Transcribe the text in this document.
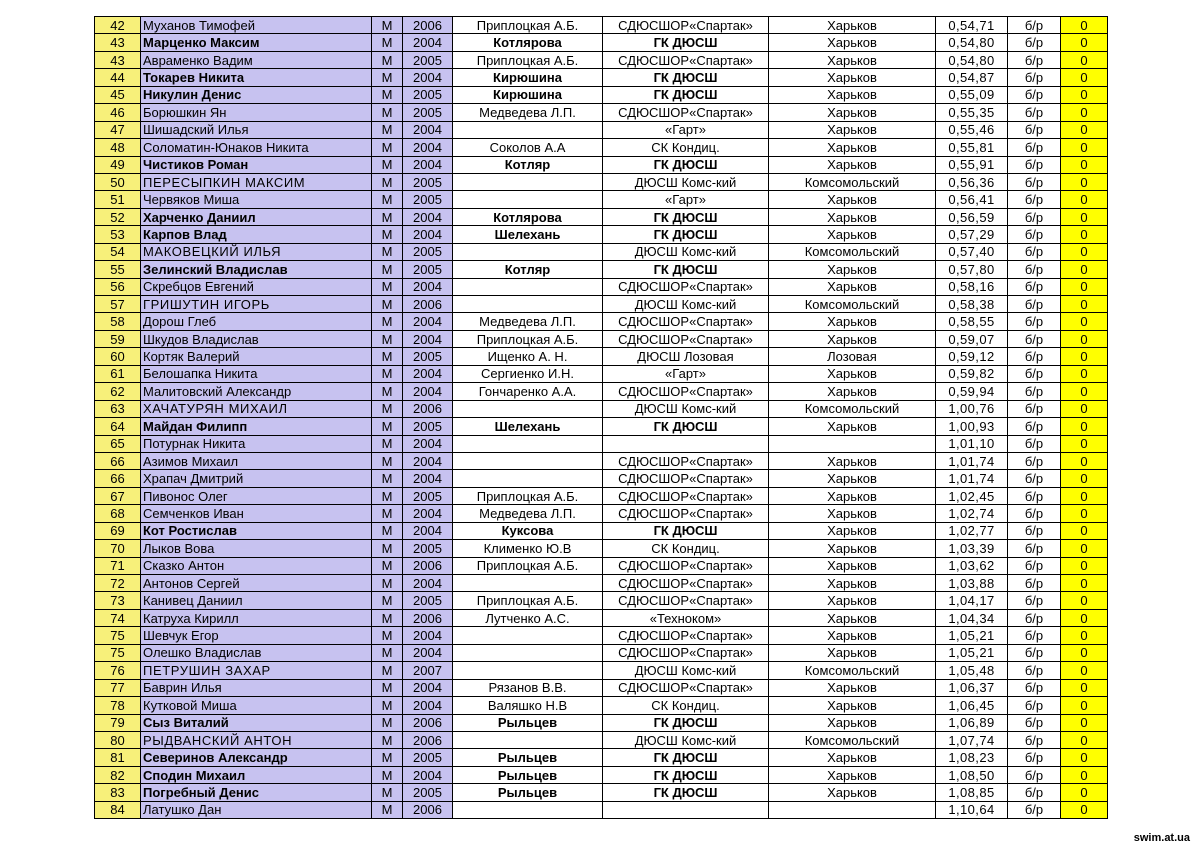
42	Муханов Тимофей	М	2006	Приплоцкая А.Б.	СДЮСШОР«Спартак»	Харьков	0,54,71	б/р	0
43	Марценко Максим	М	2004	Котлярова	ГК ДЮСШ	Харьков	0,54,80	б/р	0
43	Авраменко Вадим	М	2005	Приплоцкая А.Б.	СДЮСШОР«Спартак»	Харьков	0,54,80	б/р	0
44	Токарев Никита	М	2004	Кирюшина	ГК ДЮСШ	Харьков	0,54,87	б/р	0
45	Никулин Денис	М	2005	Кирюшина	ГК ДЮСШ	Харьков	0,55,09	б/р	0
46	Борюшкин Ян	М	2005	Медведева Л.П.	СДЮСШОР«Спартак»	Харьков	0,55,35	б/р	0
47	Шишадский Илья	М	2004		«Гарт»	Харьков	0,55,46	б/р	0
48	Соломатин-Юнаков Никита	М	2004	Соколов А.А	СК Кондиц.	Харьков	0,55,81	б/р	0
49	Чистиков Роман	М	2004	Котляр	ГК ДЮСШ	Харьков	0,55,91	б/р	0
50	ПЕРЕСЫПКИН МАКСИМ	М	2005		ДЮСШ Комс-кий	Комсомольский	0,56,36	б/р	0
51	Червяков Миша	М	2005		«Гарт»	Харьков	0,56,41	б/р	0
52	Харченко Даниил	М	2004	Котлярова	ГК ДЮСШ	Харьков	0,56,59	б/р	0
53	Карпов Влад	М	2004	Шелехань	ГК ДЮСШ	Харьков	0,57,29	б/р	0
54	МАКОВЕЦКИЙ ИЛЬЯ	М	2005		ДЮСШ Комс-кий	Комсомольский	0,57,40	б/р	0
55	Зелинский Владислав	М	2005	Котляр	ГК ДЮСШ	Харьков	0,57,80	б/р	0
56	Скребцов Евгений	М	2004		СДЮСШОР«Спартак»	Харьков	0,58,16	б/р	0
57	ГРИШУТИН ИГОРЬ	М	2006		ДЮСШ Комс-кий	Комсомольский	0,58,38	б/р	0
58	Дорош Глеб	М	2004	Медведева Л.П.	СДЮСШОР«Спартак»	Харьков	0,58,55	б/р	0
59	Шкудов Владислав	М	2004	Приплоцкая А.Б.	СДЮСШОР«Спартак»	Харьков	0,59,07	б/р	0
60	Кортяк Валерий	М	2005	Ищенко А. Н.	ДЮСШ Лозовая	Лозовая	0,59,12	б/р	0
61	Белошапка Никита	М	2004	Сергиенко И.Н.	«Гарт»	Харьков	0,59,82	б/р	0
62	Малитовский Александр	М	2004	Гончаренко А.А.	СДЮСШОР«Спартак»	Харьков	0,59,94	б/р	0
63	ХАЧАТУРЯН МИХАИЛ	М	2006		ДЮСШ Комс-кий	Комсомольский	1,00,76	б/р	0
64	Майдан Филипп	М	2005	Шелехань	ГК ДЮСШ	Харьков	1,00,93	б/р	0
65	Потурнак Никита	М	2004				1,01,10	б/р	0
66	Азимов Михаил	М	2004		СДЮСШОР«Спартак»	Харьков	1,01,74	б/р	0
66	Храпач Дмитрий	М	2004		СДЮСШОР«Спартак»	Харьков	1,01,74	б/р	0
67	Пивонос Олег	М	2005	Приплоцкая А.Б.	СДЮСШОР«Спартак»	Харьков	1,02,45	б/р	0
68	Семченков Иван	М	2004	Медведева Л.П.	СДЮСШОР«Спартак»	Харьков	1,02,74	б/р	0
69	Кот Ростислав	М	2004	Куксова	ГК ДЮСШ	Харьков	1,02,77	б/р	0
70	Лыков Вова	М	2005	Клименко Ю.В	СК Кондиц.	Харьков	1,03,39	б/р	0
71	Сказко Антон	М	2006	Приплоцкая А.Б.	СДЮСШОР«Спартак»	Харьков	1,03,62	б/р	0
72	Антонов Сергей	М	2004		СДЮСШОР«Спартак»	Харьков	1,03,88	б/р	0
73	Канивец Даниил	М	2005	Приплоцкая А.Б.	СДЮСШОР«Спартак»	Харьков	1,04,17	б/р	0
74	Катруха Кирилл	М	2006	Лутченко А.С.	«Техноком»	Харьков	1,04,34	б/р	0
75	Шевчук Егор	М	2004		СДЮСШОР«Спартак»	Харьков	1,05,21	б/р	0
75	Олешко Владислав	М	2004		СДЮСШОР«Спартак»	Харьков	1,05,21	б/р	0
76	ПЕТРУШИН ЗАХАР	М	2007		ДЮСШ Комс-кий	Комсомольский	1,05,48	б/р	0
77	Баврин Илья	М	2004	Рязанов В.В.	СДЮСШОР«Спартак»	Харьков	1,06,37	б/р	0
78	Кутковой Миша	М	2004	Валяшко Н.В	СК Кондиц.	Харьков	1,06,45	б/р	0
79	Сыз Виталий	М	2006	Рыльцев	ГК ДЮСШ	Харьков	1,06,89	б/р	0
80	РЫДВАНСКИЙ АНТОН	М	2006		ДЮСШ Комс-кий	Комсомольский	1,07,74	б/р	0
81	Северинов Александр	М	2005	Рыльцев	ГК ДЮСШ	Харьков	1,08,23	б/р	0
82	Сподин Михаил	М	2004	Рыльцев	ГК ДЮСШ	Харьков	1,08,50	б/р	0
83	Погребный Денис	М	2005	Рыльцев	ГК ДЮСШ	Харьков	1,08,85	б/р	0
84	Латушко Дан	М	2006				1,10,64	б/р	0
swim.at.ua
